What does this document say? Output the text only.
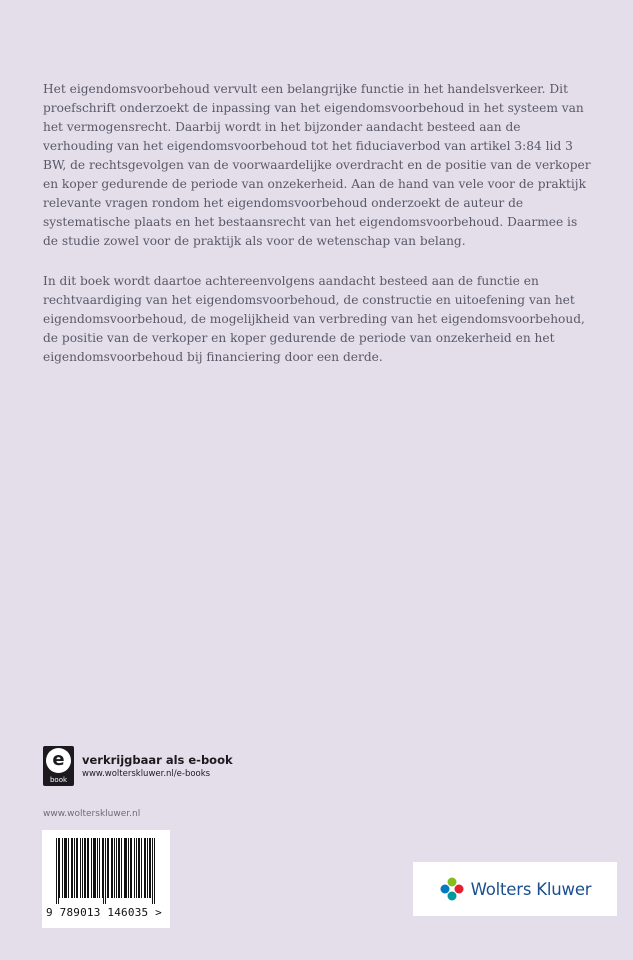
Het eigendomsvoorbehoud vervult een belangrijke functie in het handelsverkeer. Dit proefschrift onderzoekt de inpassing van het eigendomsvoorbehoud in het systeem van het vermogensrecht. Daarbij wordt in het bijzonder aandacht besteed aan de verhouding van het eigendomsvoorbehoud tot het fiduciaverbod van artikel 3:84 lid 3 BW, de rechtsgevolgen van de voorwaardelijke overdracht en de positie van de verkoper en koper gedurende de periode van onzekerheid. Aan de hand van vele voor de praktijk relevante vragen rondom het eigendomsvoorbehoud onderzoekt de auteur de systematische plaats en het bestaansrecht van het eigendomsvoorbehoud. Daarmee is de studie zowel voor de praktijk als voor de wetenschap van belang.

In dit boek wordt daartoe achtereenvolgens aandacht besteed aan de functie en rechtvaardiging van het eigendomsvoorbehoud, de constructie en uitoefening van het eigendomsvoorbehoud, de mogelijkheid van verbreding van het eigendomsvoorbehoud, de positie van de verkoper en koper gedurende de periode van onzekerheid en het eigendomsvoorbehoud bij financiering door een derde.

e
book
verkrijgbaar als e-book
www.wolterskluwer.nl/e-books
www.wolterskluwer.nl
9 789013 146035 >
Wolters Kluwer
